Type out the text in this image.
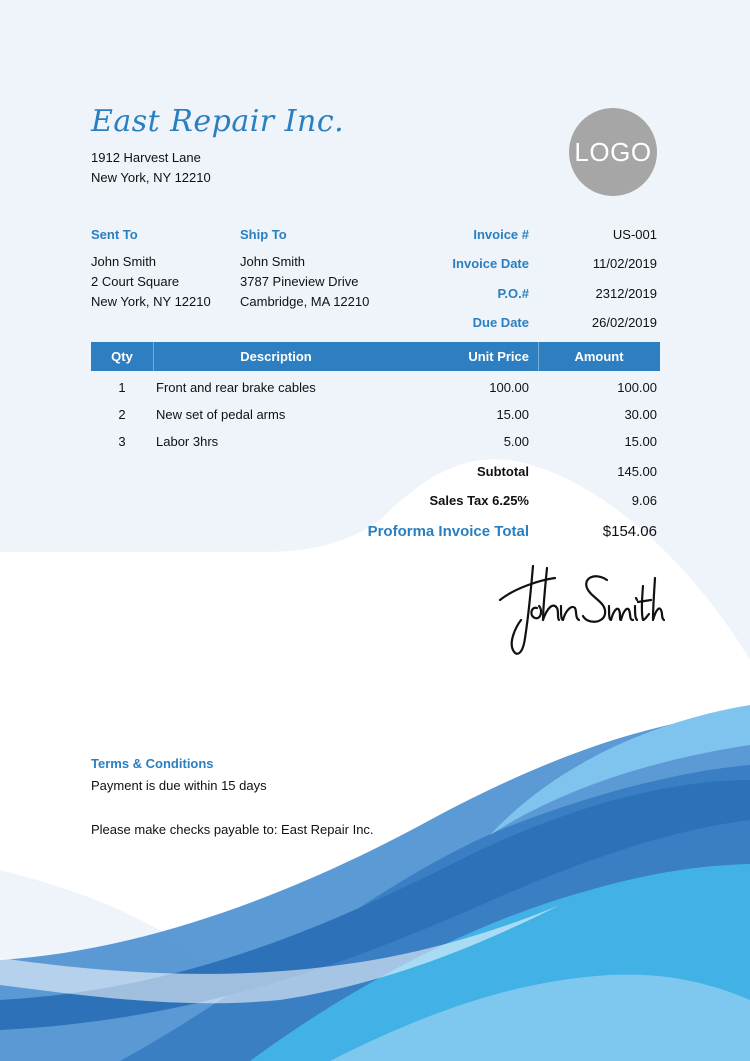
East Repair Inc.
1912 Harvest Lane
New York, NY 12210
LOGO
Sent To
John Smith
2 Court Square
New York, NY 12210
Ship To
John Smith
3787 Pineview Drive
Cambridge, MA 12210
Invoice #	US-001
Invoice Date	11/02/2019
P.O.#	2312/2019
Due Date	26/02/2019
Qty	Description	Unit Price	Amount
1	Front and rear brake cables	100.00	100.00
2	New set of pedal arms	15.00	30.00
3	Labor 3hrs	5.00	15.00
Subtotal	145.00
Sales Tax 6.25%	9.06
Proforma Invoice Total	$154.06
Terms & Conditions
Payment is due within 15 days
Please make checks payable to: East Repair Inc.
